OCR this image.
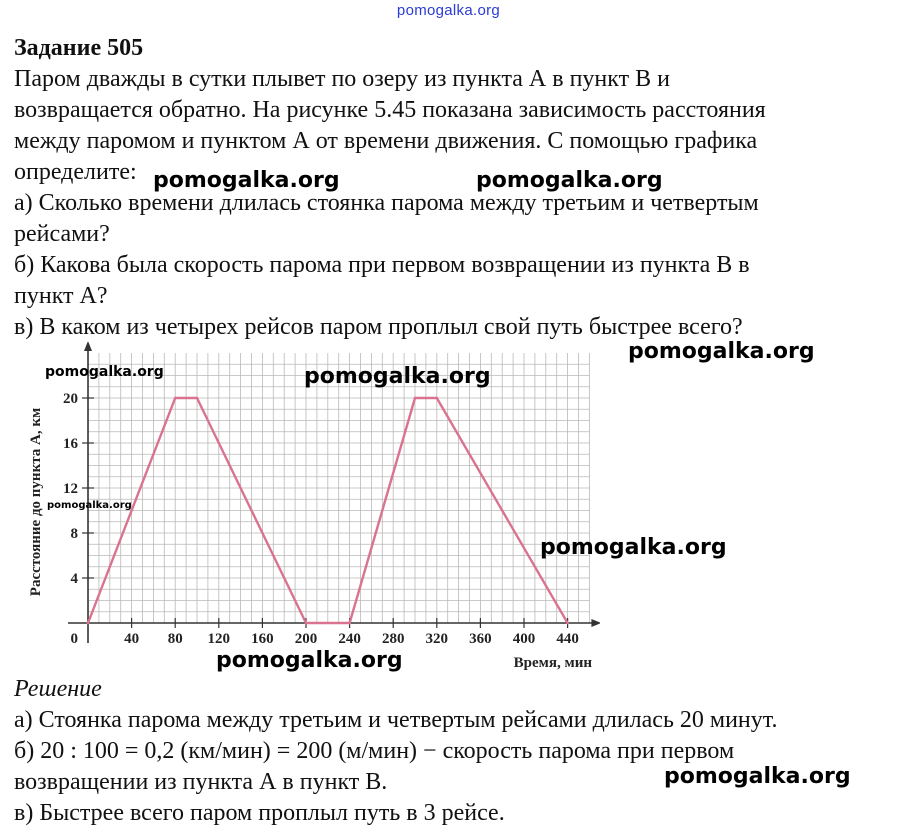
pomogalka.org
Задание 505

Паром дважды в сутки плывет по озеру из пункта А в пункт В и

возвращается обратно. На рисунке 5.45 показана зависимость расстояния

между паромом и пунктом А от времени движения. С помощью графика

определите:

а) Сколько времени длилась стоянка парома между третьим и четвертым

рейсами?

б) Какова была скорость парома при первом возвращении из пункта В в

пункт А?

в) В каком из четырех рейсов паром проплыл свой путь быстрее всего?

0	40 80 120 160 200 240 280 320 360 400 440
4
8
12
16
20
Расстояние до пункта А, км
Время, мин

Решение

а) Стоянка парома между третьим и четвертым рейсами длилась 20 минут.

б) 20 : 100 = 0,2 (км/мин) = 200 (м/мин) − скорость парома при первом

возвращении из пункта А в пункт В.

в) Быстрее всего паром проплыл путь в 3 рейсе.

pomogalka.org	pomogalka.org
pomogalka.org
pomogalka.org	pomogalka.org
pomogalka.org
pomogalka.org
pomogalka.org
pomogalka.org
